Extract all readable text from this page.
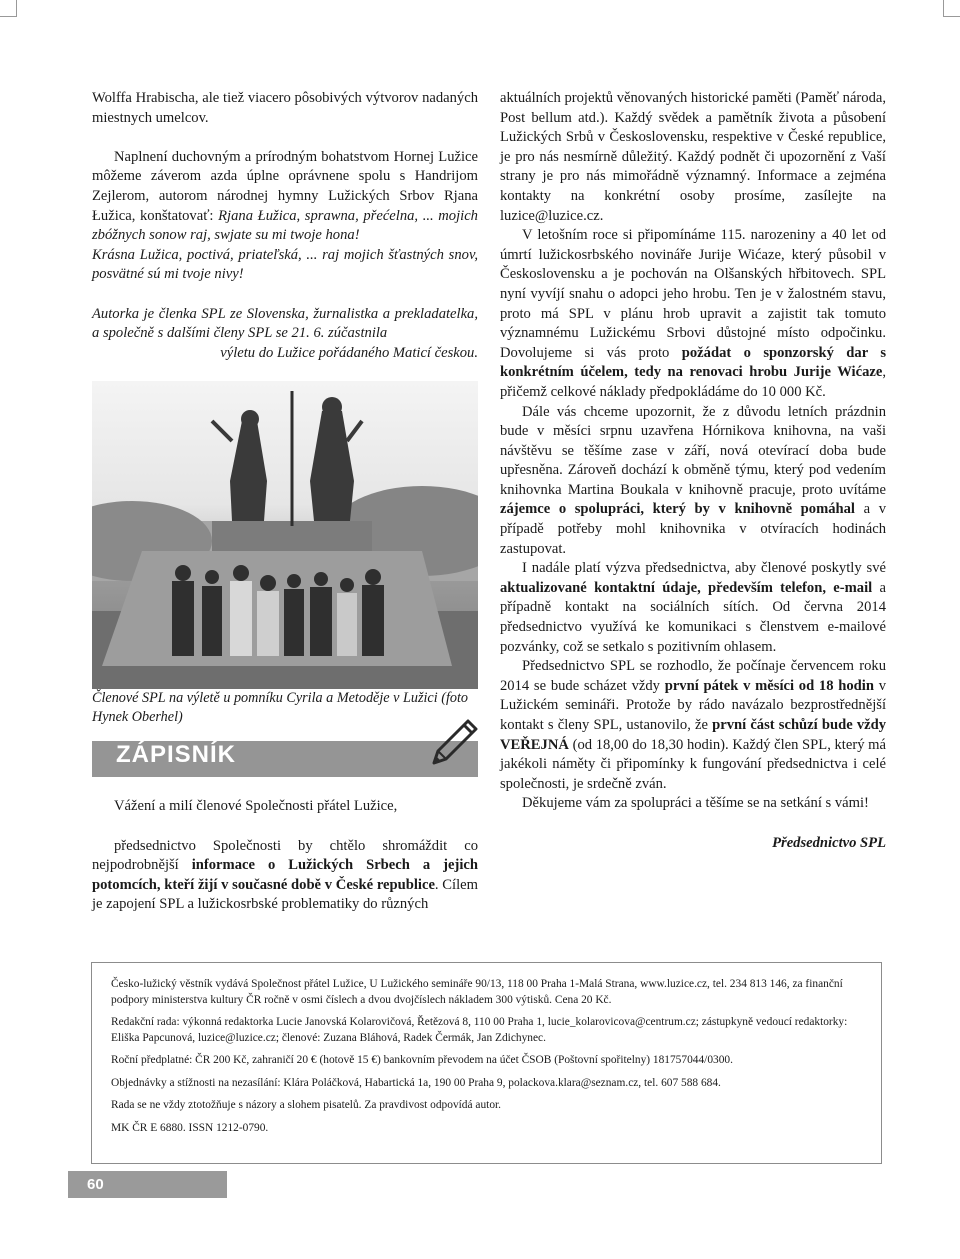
Wolffa Hrabischa, ale tiež viacero pôsobivých výtvorov nadaných miestnych umelcov.

Naplnení duchovným a prírodným bohatstvom Hornej Lužice môžeme záverom azda úplne oprávnene spolu s Handrijom Zejlerom, autorom národnej hymny Lužických Srbov Rjana Łužica, konštatovať: Rjana Łužica, sprawna, přećelna, ... mojich zbóžnych sonow raj, swjate su mi twoje hona!

Krásna Lužica, poctivá, priateľská, ... raj mojich šťastných snov, posvätné sú mi tvoje nivy!

Autorka je členka SPL ze Slovenska, žurnalistka a prekladatelka, a společně s dalšími členy SPL se 21. 6. zúčastnila

výletu do Lužice pořádaného Maticí českou.

Členové SPL na výletě u pomníku Cyrila a Metoděje v Lužici (foto Hynek Oberhel)

ZÁPISNÍK

Vážení a milí členové Společnosti přátel Lužice,

předsednictvo Společnosti by chtělo shromáždit co nejpodrobnější informace o Lužických Srbech a jejich potomcích, kteří žijí v současné době v České republice. Cílem je zapojení SPL a lužickosrbské problematiky do různých

aktuálních projektů věnovaných historické paměti (Paměť národa, Post bellum atd.). Každý svědek a pamětník života a působení Lužických Srbů v Československu, respektive v České republice, je pro nás nesmírně důležitý. Každý podnět či upozornění z Vaší strany je pro nás mimořádně významný. Informace a zejména kontakty na konkrétní osoby prosíme, zasílejte na luzice@luzice.cz.

V letošním roce si připomínáme 115. narozeniny a 40 let od úmrtí lužickosrbského novináře Jurije Wićaze, který působil v Československu a je pochován na Olšanských hřbitovech. SPL nyní vyvíjí snahu o adopci jeho hrobu. Ten je v žalostném stavu, proto má SPL v plánu hrob upravit a zajistit tak tomuto významnému Lužickému Srbovi důstojné místo odpočinku. Dovolujeme si vás proto požádat o sponzorský dar s konkrétním účelem, tedy na renovaci hrobu Jurije Wićaze, přičemž celkové náklady předpokládáme do 10 000 Kč.

Dále vás chceme upozornit, že z důvodu letních prázdnin bude v měsíci srpnu uzavřena Hórnikova knihovna, na vaši návštěvu se těšíme zase v září, nová otevírací doba bude upřesněna. Zároveň dochází k obměně týmu, který pod vedením knihovnka Martina Boukala v knihovně pracuje, proto uvítáme zájemce o spolupráci, který by v knihovně pomáhal a v případě potřeby mohl knihovnika v otvíracích hodinách zastupovat.

I nadále platí výzva předsednictva, aby členové poskytly své aktualizované kontaktní údaje, především telefon, e-mail a případně kontakt na sociálních sítích. Od června 2014 předsednictvo využívá ke komunikaci s členstvem e-mailové pozvánky, což se setkalo s pozitivním ohlasem.

Předsednictvo SPL se rozhodlo, že počínaje červencem roku 2014 se bude scházet vždy první pátek v měsíci od 18 hodin v Lužickém semináři. Protože by rádo navázalo bezprostřednější kontakt s členy SPL, ustanovilo, že první část schůzí bude vždy VEŘEJNÁ (od 18,00 do 18,30 hodin). Každý člen SPL, který má jakékoli náměty či připomínky k fungování předsednictva i celé společnosti, je srdečně zván.

Děkujeme vám za spolupráci a těšíme se na setkání s vámi!

Předsednictvo SPL

Česko-lužický věstník vydává Společnost přátel Lužice, U Lužického semináře 90/13, 118 00 Praha 1-Malá Strana, www.luzice.cz, tel. 234 813 146, za finanční podpory ministerstva kultury ČR ročně v osmi číslech a dvou dvojčíslech nákladem 300 výtisků. Cena 20 Kč.

Redakční rada: výkonná redaktorka Lucie Janovská Kolarovičová, Řetězová 8, 110 00 Praha 1, lucie_kolarovicova@centrum.cz; zástupkyně vedoucí redaktorky: Eliška Papcunová, luzice@luzice.cz; členové: Zuzana Bláhová, Radek Čermák, Jan Zdichynec.

Roční předplatné: ČR 200 Kč, zahraničí 20 € (hotově 15 €) bankovním převodem na účet ČSOB (Poštovní spořitelny) 181757044/0300.

Objednávky a stížnosti na nezasílání: Klára Poláčková, Habartická 1a, 190 00 Praha 9, polackova.klara@seznam.cz, tel. 607 588 684.

Rada se ne vždy ztotožňuje s názory a slohem pisatelů. Za pravdivost odpovídá autor.

MK ČR E 6880. ISSN 1212-0790.

60
